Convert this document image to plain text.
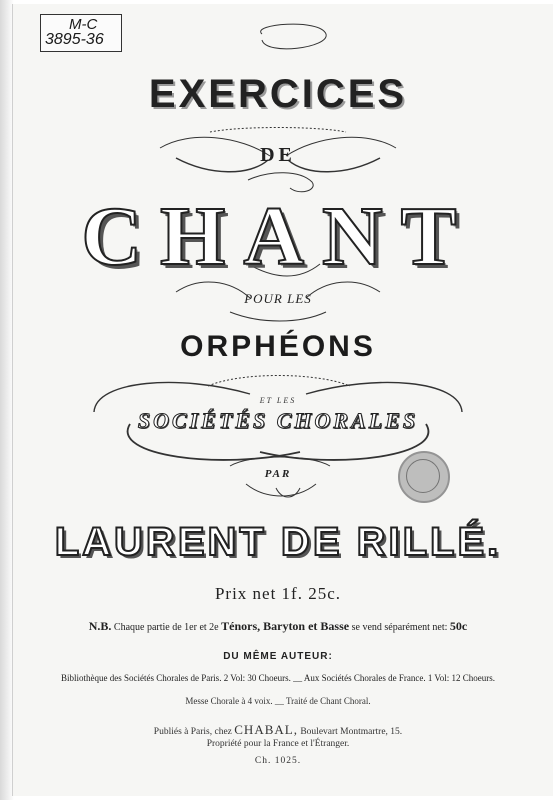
M-C
3895-36
EXERCICES
DE
CHANT
POUR LES
ORPHÉONS
ET LES
SOCIÉTÉS CHORALES
PAR
LAURENT DE RILLÉ.
Prix net 1f. 25c.
N.B. Chaque partie de 1er et 2e Ténors, Baryton et Basse se vend séparément net: 50c
DU MÊME AUTEUR:
Bibliothèque des Sociétés Chorales de Paris. 2 Vol: 30 Choeurs. __ Aux Sociétés Chorales de France. 1 Vol: 12 Choeurs.
Messe Chorale à 4 voix. __ Traité de Chant Choral.
Publiés à Paris, chez CHABAL, Boulevart Montmartre, 15.
Propriété pour la France et l'Étranger.
Ch. 1025.
